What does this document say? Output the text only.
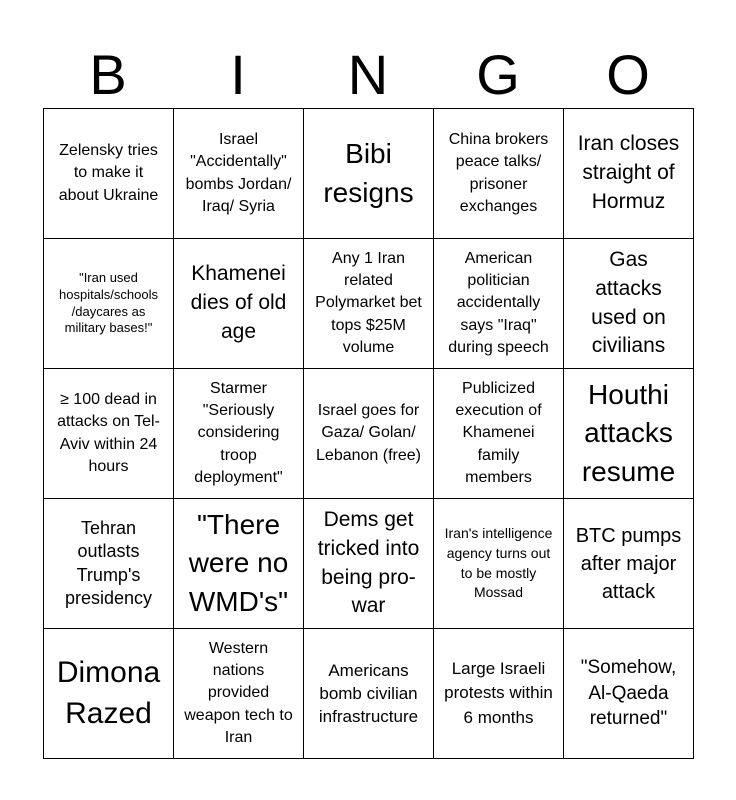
B	I	N	G	O
Zelensky tries to make it about Ukraine
Israel "Accidentally" bombs Jordan/ Iraq/ Syria
Bibi resigns
China brokers peace talks/ prisoner exchanges
Iran closes straight of Hormuz
"Iran used hospitals/schools /daycares as military bases!"
Khamenei dies of old age
Any 1 Iran related Polymarket bet tops $25M volume
American politician accidentally says "Iraq" during speech
Gas attacks used on civilians
≥ 100 dead in attacks on Tel-Aviv within 24 hours
Starmer "Seriously considering troop deployment"
Israel goes for Gaza/ Golan/ Lebanon (free)
Publicized execution of Khamenei family members
Houthi attacks resume
Tehran outlasts Trump's presidency
"There were no WMD's"
Dems get tricked into being pro-war
Iran's intelligence agency turns out to be mostly Mossad
BTC pumps after major attack
Dimona Razed
Western nations provided weapon tech to Iran
Americans bomb civilian infrastructure
Large Israeli protests within 6 months
"Somehow, Al-Qaeda returned"
